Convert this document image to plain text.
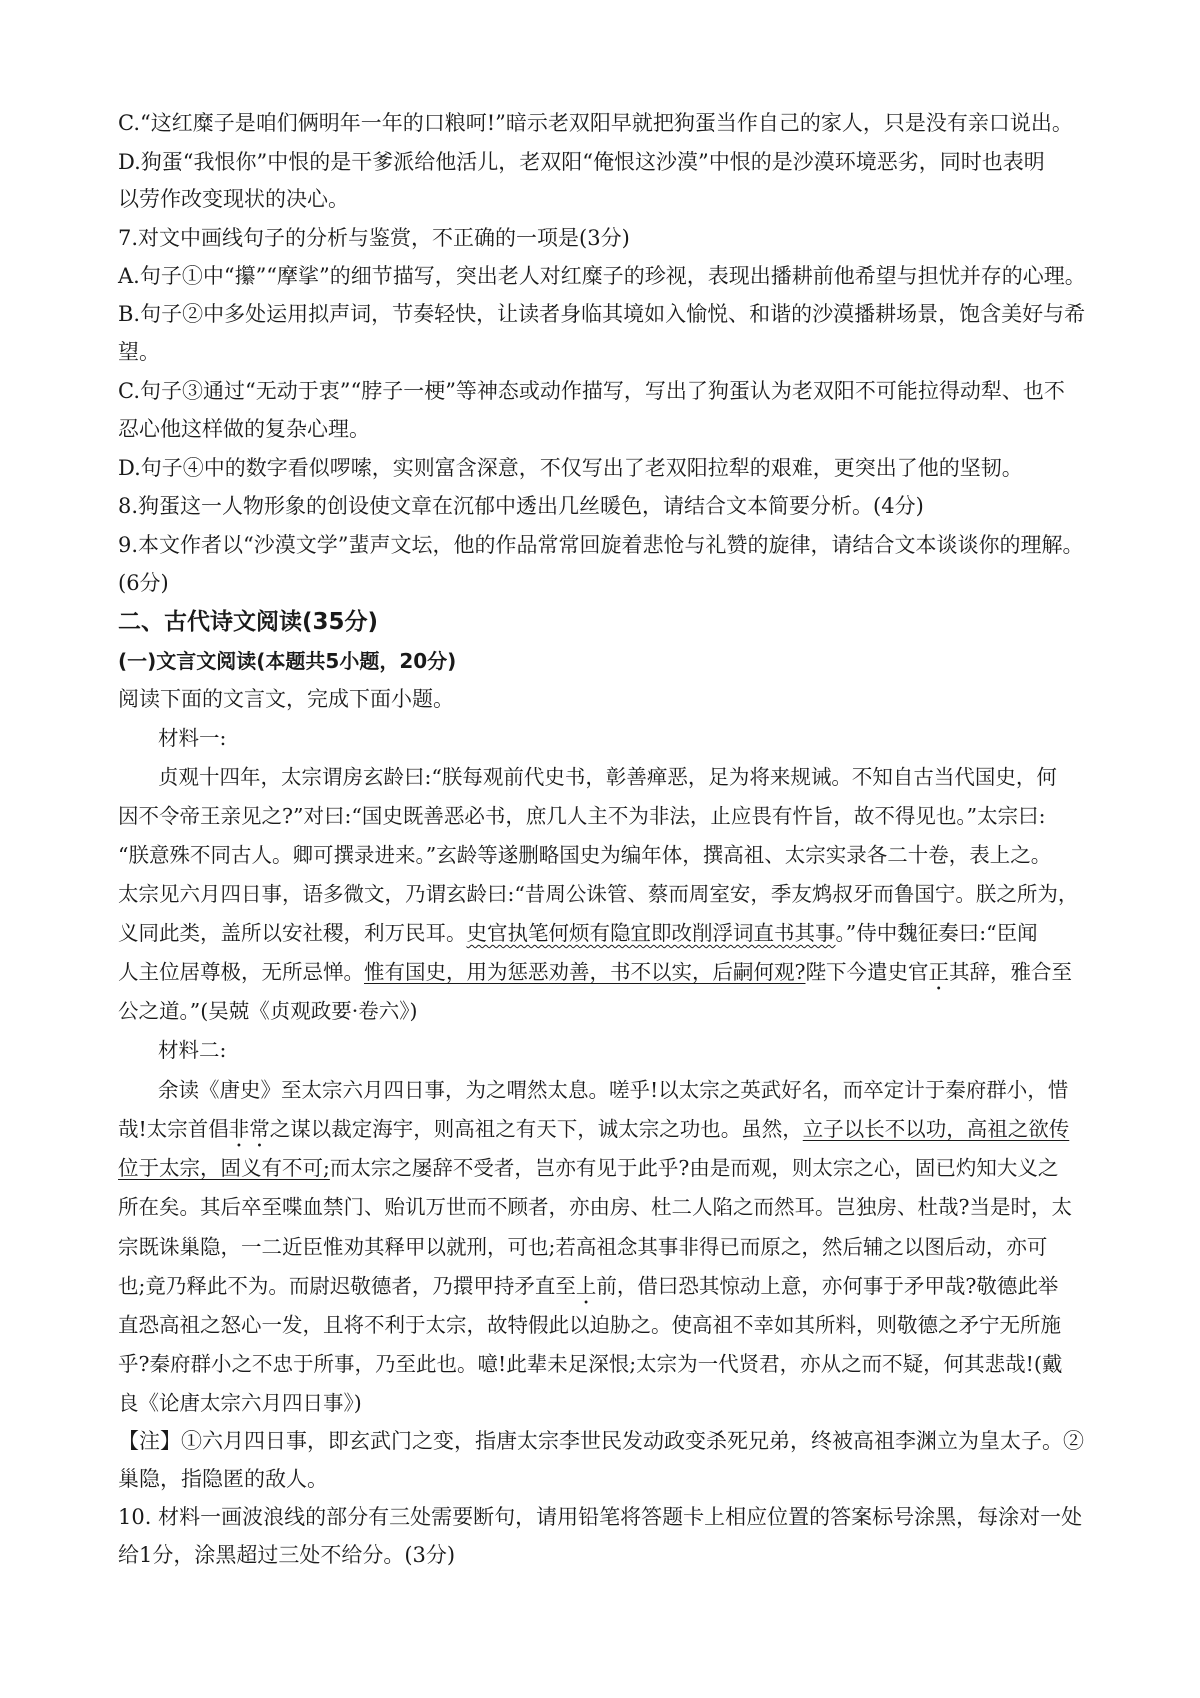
C.“这红糜子是咱们俩明年一年的口粮呵!”暗示老双阳早就把狗蛋当作自己的家人，只是没有亲口说出。
D.狗蛋“我恨你”中恨的是干爹派给他活儿，老双阳“俺恨这沙漠”中恨的是沙漠环境恶劣，同时也表明
以劳作改变现状的决心。
7.对文中画线句子的分析与鉴赏，不正确的一项是(3分)
A.句子①中“攥”“摩挲”的细节描写，突出老人对红糜子的珍视，表现出播耕前他希望与担忧并存的心理。
B.句子②中多处运用拟声词，节奏轻快，让读者身临其境如入愉悦、和谐的沙漠播耕场景，饱含美好与希
望。
C.句子③通过“无动于衷”“脖子一梗”等神态或动作描写，写出了狗蛋认为老双阳不可能拉得动犁、也不
忍心他这样做的复杂心理。
D.句子④中的数字看似啰嗦，实则富含深意，不仅写出了老双阳拉犁的艰难，更突出了他的坚韧。
8.狗蛋这一人物形象的创设使文章在沉郁中透出几丝暖色，请结合文本简要分析。(4分)
9.本文作者以“沙漠文学”蜚声文坛，他的作品常常回旋着悲怆与礼赞的旋律，请结合文本谈谈你的理解。
(6分)
二、古代诗文阅读(35分)
(一)文言文阅读(本题共5小题，20分)
阅读下面的文言文，完成下面小题。
材料一:
贞观十四年，太宗谓房玄龄曰:“朕每观前代史书，彰善瘅恶，足为将来规诫。不知自古当代国史，何
因不令帝王亲见之?”对曰:“国史既善恶必书，庶几人主不为非法，止应畏有忤旨，故不得见也。”太宗曰:
“朕意殊不同古人。卿可撰录进来。”玄龄等遂删略国史为编年体，撰高祖、太宗实录各二十卷，表上之。
太宗见六月四日事，语多微文，乃谓玄龄曰:“昔周公诛管、蔡而周室安，季友鸩叔牙而鲁国宁。朕之所为，
义同此类，盖所以安社稷，利万民耳。史官执笔何烦有隐宜即改削浮词直书其事。”侍中魏征奏曰:“臣闻
人主位居尊极，无所忌惮。惟有国史，用为惩恶劝善，书不以实，后嗣何观?陛下今遣史官正其辞，雅合至
公之道。”(吴兢《贞观政要·卷六》)
材料二:
余读《唐史》至太宗六月四日事，为之喟然太息。嗟乎!以太宗之英武好名，而卒定计于秦府群小，惜
哉!太宗首倡非常之谋以裁定海宇，则高祖之有天下，诚太宗之功也。虽然，立子以长不以功，高祖之欲传
位于太宗，固义有不可;而太宗之屡辞不受者，岂亦有见于此乎?由是而观，则太宗之心，固已灼知大义之
所在矣。其后卒至喋血禁门、贻讥万世而不顾者，亦由房、杜二人陷之而然耳。岂独房、杜哉?当是时，太
宗既诛巢隐，一二近臣惟劝其释甲以就刑，可也;若高祖念其事非得已而原之，然后辅之以图后动，亦可
也;竟乃释此不为。而尉迟敬德者，乃擐甲持矛直至上前，借曰恐其惊动上意，亦何事于矛甲哉?敬德此举
直恐高祖之怒心一发，且将不利于太宗，故特假此以迫胁之。使高祖不幸如其所料，则敬德之矛宁无所施
乎?秦府群小之不忠于所事，乃至此也。噫!此辈未足深恨;太宗为一代贤君，亦从之而不疑，何其悲哉!(戴
良《论唐太宗六月四日事》)
【注】①六月四日事，即玄武门之变，指唐太宗李世民发动政变杀死兄弟，终被高祖李渊立为皇太子。②
巢隐，指隐匿的敌人。
10. 材料一画波浪线的部分有三处需要断句，请用铅笔将答题卡上相应位置的答案标号涂黑，每涂对一处
给1分，涂黑超过三处不给分。(3分)
